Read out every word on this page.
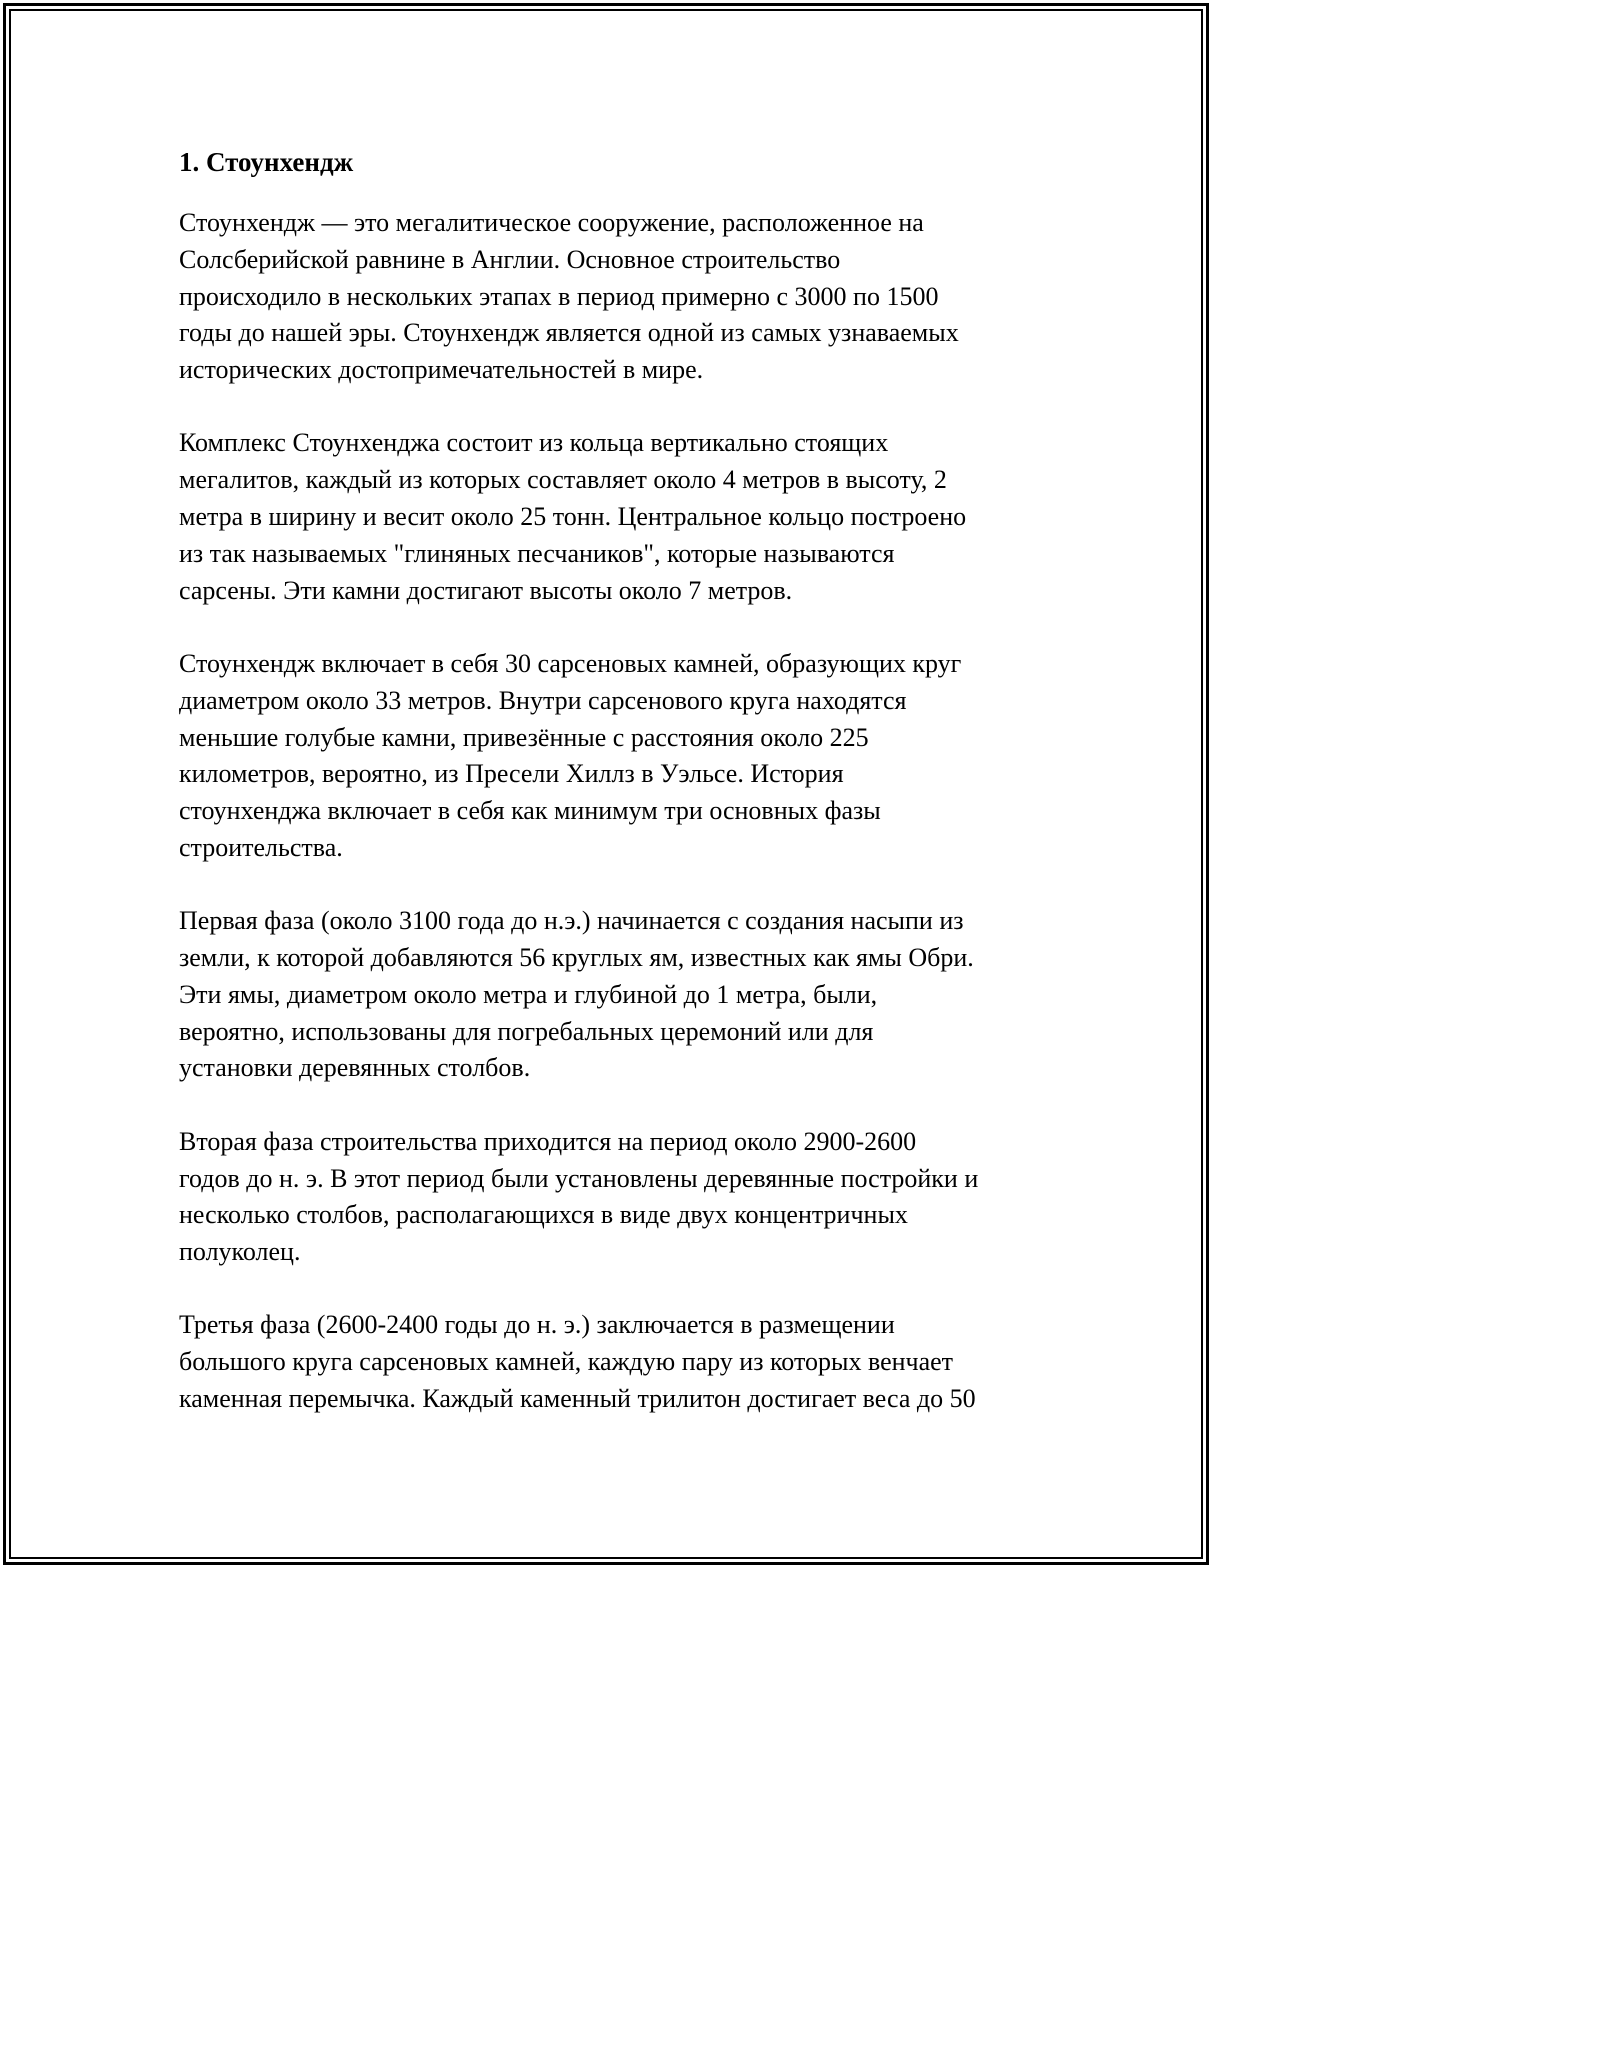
1. Стоунхендж

Стоунхендж — это мегалитическое сооружение, расположенное на
Солсберийской равнине в Англии. Основное строительство
происходило в нескольких этапах в период примерно с 3000 по 1500
годы до нашей эры. Стоунхендж является одной из самых узнаваемых
исторических достопримечательностей в мире.

Комплекс Стоунхенджа состоит из кольца вертикально стоящих
мегалитов, каждый из которых составляет около 4 метров в высоту, 2
метра в ширину и весит около 25 тонн. Центральное кольцо построено
из так называемых "глиняных песчаников", которые называются
сарсены. Эти камни достигают высоты около 7 метров.

Стоунхендж включает в себя 30 сарсеновых камней, образующих круг
диаметром около 33 метров. Внутри сарсенового круга находятся
меньшие голубые камни, привезённые с расстояния около 225
километров, вероятно, из Пресели Хиллз в Уэльсе. История
стоунхенджа включает в себя как минимум три основных фазы
строительства.

Первая фаза (около 3100 года до н.э.) начинается с создания насыпи из
земли, к которой добавляются 56 круглых ям, известных как ямы Обри.
Эти ямы, диаметром около метра и глубиной до 1 метра, были,
вероятно, использованы для погребальных церемоний или для
установки деревянных столбов.

Вторая фаза строительства приходится на период около 2900-2600
годов до н. э. В этот период были установлены деревянные постройки и
несколько столбов, располагающихся в виде двух концентричных
полуколец.

Третья фаза (2600-2400 годы до н. э.) заключается в размещении
большого круга сарсеновых камней, каждую пару из которых венчает
каменная перемычка. Каждый каменный трилитон достигает веса до 50
